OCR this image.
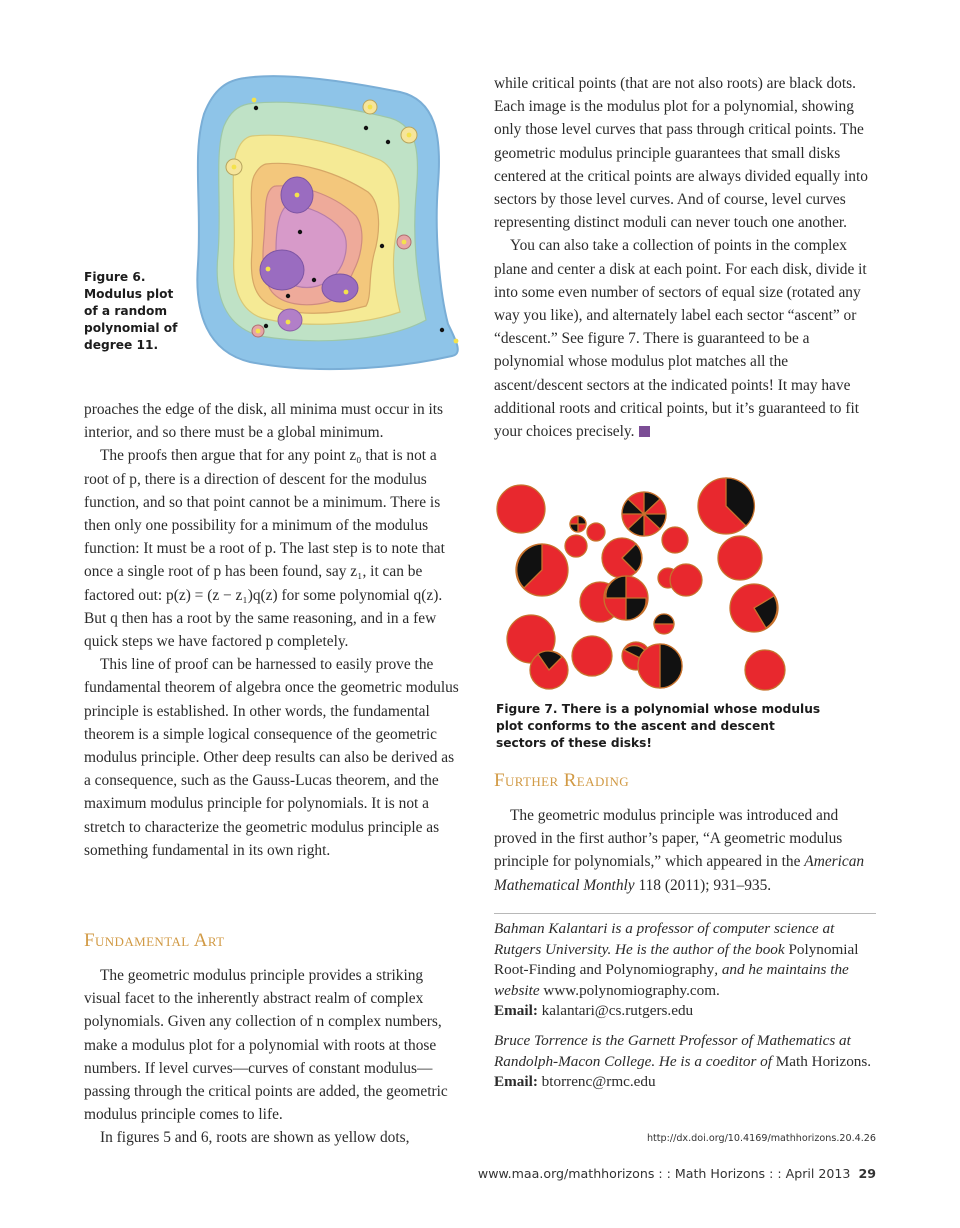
Figure 6. Modulus plot of a random polynomial of degree 11.

proaches the edge of the disk, all minima must occur in its interior, and so there must be a global minimum.

The proofs then argue that for any point z₀ that is not a root of p, there is a direction of descent for the modulus function, and so that point cannot be a minimum. There is then only one possibility for a minimum of the modulus function: It must be a root of p. The last step is to note that once a single root of p has been found, say z₁, it can be factored out: p(z) = (z − z₁)q(z) for some polynomial q(z). But q then has a root by the same reasoning, and in a few quick steps we have factored p completely.

This line of proof can be harnessed to easily prove the fundamental theorem of algebra once the geometric modulus principle is established. In other words, the fundamental theorem is a simple logical consequence of the geometric modulus principle. Other deep results can also be derived as a consequence, such as the Gauss-Lucas theorem, and the maximum modulus principle for polynomials. It is not a stretch to characterize the geometric modulus principle as something fundamental in its own right.

Fundamental Art

The geometric modulus principle provides a striking visual facet to the inherently abstract realm of complex polynomials. Given any collection of n complex numbers, make a modulus plot for a polynomial with roots at those numbers. If level curves—curves of constant modulus—passing through the critical points are added, the geometric modulus principle comes to life.

In figures 5 and 6, roots are shown as yellow dots,

while critical points (that are not also roots) are black dots. Each image is the modulus plot for a polynomial, showing only those level curves that pass through critical points. The geometric modulus principle guarantees that small disks centered at the critical points are always divided equally into sectors by those level curves. And of course, level curves representing distinct moduli can never touch one another.

You can also take a collection of points in the complex plane and center a disk at each point. For each disk, divide it into some even number of sectors of equal size (rotated any way you like), and alternately label each sector “ascent” or “descent.” See figure 7. There is guaranteed to be a polynomial whose modulus plot matches all the ascent/descent sectors at the indicated points! It may have additional roots and critical points, but it’s guaranteed to fit your choices precisely.

Figure 7. There is a polynomial whose modulus plot conforms to the ascent and descent sectors of these disks!
Further Reading

The geometric modulus principle was introduced and proved in the first author’s paper, “A geometric modulus principle for polynomials,” which appeared in the American Mathematical Monthly 118 (2011); 931–935.

Bahman Kalantari is a professor of computer science at Rutgers University. He is the author of the book Polynomial Root-Finding and Polynomiography, and he maintains the website www.polynomiography.com.
Email: kalantari@cs.rutgers.edu
Bruce Torrence is the Garnett Professor of Mathematics at Randolph-Macon College. He is a coeditor of Math Horizons.
Email: btorrenc@rmc.edu
http://dx.doi.org/10.4169/mathhorizons.20.4.26
www.maa.org/mathhorizons : : Math Horizons : : April 2013 29
